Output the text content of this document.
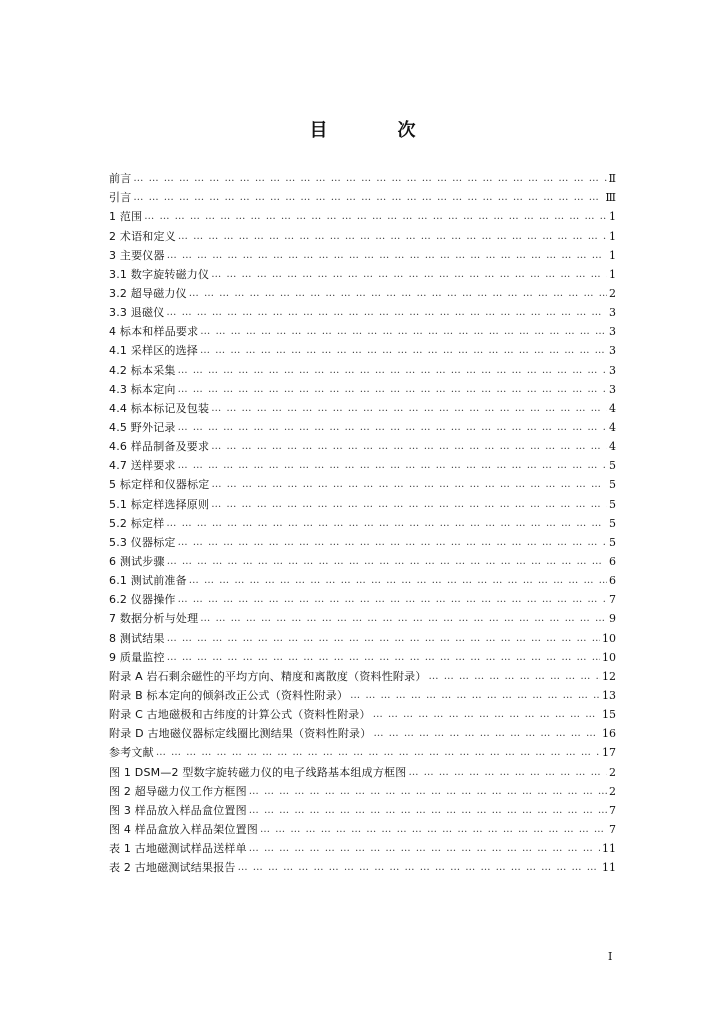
目　次
前言 … … … … … … … … … … … … … … … … … … … … … … … … … … … … … … … … … … … … … … … … … … … … … … … … … … … … … … … … … … … … … … … … … … … … … … … … … … … … …	Ⅱ
引言 … … … … … … … … … … … … … … … … … … … … … … … … … … … … … … … … … … … … … … … … … … … … … … … … … … … … … … … … … … … … … … … … … … … … … … … … … … … … …	Ⅲ
1 范围 … … … … … … … … … … … … … … … … … … … … … … … … … … … … … … … … … … … … … … … … … … … … … … … … … … … … … … … … … … … … … … … … … … … … … … … … … … … … …	1
2 术语和定义 … … … … … … … … … … … … … … … … … … … … … … … … … … … … … … … … … … … … … … … … … … … … … … … … … … … … … … … … … … … … … … … … … … … … … … … … … … … … …	1
3 主要仪器 … … … … … … … … … … … … … … … … … … … … … … … … … … … … … … … … … … … … … … … … … … … … … … … … … … … … … … … … … … … … … … … … … … … … … … … … … … … … …	1
3.1 数字旋转磁力仪 … … … … … … … … … … … … … … … … … … … … … … … … … … … … … … … … … … … … … … … … … … … … … … … … … … … … … … … … … … … … … … … … … … … … … … … … … … … … …	1
3.2 超导磁力仪 … … … … … … … … … … … … … … … … … … … … … … … … … … … … … … … … … … … … … … … … … … … … … … … … … … … … … … … … … … … … … … … … … … … … … … … … … … … … …	2
3.3 退磁仪 … … … … … … … … … … … … … … … … … … … … … … … … … … … … … … … … … … … … … … … … … … … … … … … … … … … … … … … … … … … … … … … … … … … … … … … … … … … … …	3
4 标本和样品要求 … … … … … … … … … … … … … … … … … … … … … … … … … … … … … … … … … … … … … … … … … … … … … … … … … … … … … … … … … … … … … … … … … … … … … … … … … … … … …	3
4.1 采样区的选择 … … … … … … … … … … … … … … … … … … … … … … … … … … … … … … … … … … … … … … … … … … … … … … … … … … … … … … … … … … … … … … … … … … … … … … … … … … … … …	3
4.2 标本采集 … … … … … … … … … … … … … … … … … … … … … … … … … … … … … … … … … … … … … … … … … … … … … … … … … … … … … … … … … … … … … … … … … … … … … … … … … … … … …	3
4.3 标本定向 … … … … … … … … … … … … … … … … … … … … … … … … … … … … … … … … … … … … … … … … … … … … … … … … … … … … … … … … … … … … … … … … … … … … … … … … … … … … …	3
4.4 标本标记及包装 … … … … … … … … … … … … … … … … … … … … … … … … … … … … … … … … … … … … … … … … … … … … … … … … … … … … … … … … … … … … … … … … … … … … … … … … … … … … …	4
4.5 野外记录 … … … … … … … … … … … … … … … … … … … … … … … … … … … … … … … … … … … … … … … … … … … … … … … … … … … … … … … … … … … … … … … … … … … … … … … … … … … … …	4
4.6 样品制备及要求 … … … … … … … … … … … … … … … … … … … … … … … … … … … … … … … … … … … … … … … … … … … … … … … … … … … … … … … … … … … … … … … … … … … … … … … … … … … … …	4
4.7 送样要求 … … … … … … … … … … … … … … … … … … … … … … … … … … … … … … … … … … … … … … … … … … … … … … … … … … … … … … … … … … … … … … … … … … … … … … … … … … … … …	5
5 标定样和仪器标定 … … … … … … … … … … … … … … … … … … … … … … … … … … … … … … … … … … … … … … … … … … … … … … … … … … … … … … … … … … … … … … … … … … … … … … … … … … … … …	5
5.1 标定样选择原则 … … … … … … … … … … … … … … … … … … … … … … … … … … … … … … … … … … … … … … … … … … … … … … … … … … … … … … … … … … … … … … … … … … … … … … … … … … … … …	5
5.2 标定样 … … … … … … … … … … … … … … … … … … … … … … … … … … … … … … … … … … … … … … … … … … … … … … … … … … … … … … … … … … … … … … … … … … … … … … … … … … … … …	5
5.3 仪器标定 … … … … … … … … … … … … … … … … … … … … … … … … … … … … … … … … … … … … … … … … … … … … … … … … … … … … … … … … … … … … … … … … … … … … … … … … … … … … …	5
6 测试步骤 … … … … … … … … … … … … … … … … … … … … … … … … … … … … … … … … … … … … … … … … … … … … … … … … … … … … … … … … … … … … … … … … … … … … … … … … … … … … …	6
6.1 测试前准备 … … … … … … … … … … … … … … … … … … … … … … … … … … … … … … … … … … … … … … … … … … … … … … … … … … … … … … … … … … … … … … … … … … … … … … … … … … … … …	6
6.2 仪器操作 … … … … … … … … … … … … … … … … … … … … … … … … … … … … … … … … … … … … … … … … … … … … … … … … … … … … … … … … … … … … … … … … … … … … … … … … … … … … …	7
7 数据分析与处理 … … … … … … … … … … … … … … … … … … … … … … … … … … … … … … … … … … … … … … … … … … … … … … … … … … … … … … … … … … … … … … … … … … … … … … … … … … … … …	9
8 测试结果 … … … … … … … … … … … … … … … … … … … … … … … … … … … … … … … … … … … … … … … … … … … … … … … … … … … … … … … … … … … … … … … … … … … … … … … … … … … … …	10
9 质量监控 … … … … … … … … … … … … … … … … … … … … … … … … … … … … … … … … … … … … … … … … … … … … … … … … … … … … … … … … … … … … … … … … … … … … … … … … … … … … …	10
附录 A 岩石剩余磁性的平均方向、精度和离散度（资料性附录） … … … … … … … … … … … … … … … … … … … … … … … … … … … … … … … … … … … … … … … … … … … … … … … … … … … … … … … … … … … … … … … … … … … … … … … … … … … … …	12
附录 B 标本定向的倾斜改正公式（资料性附录） … … … … … … … … … … … … … … … … … … … … … … … … … … … … … … … … … … … … … … … … … … … … … … … … … … … … … … … … … … … … … … … … … … … … … … … … … … … … …	13
附录 C 古地磁极和古纬度的计算公式（资料性附录） … … … … … … … … … … … … … … … … … … … … … … … … … … … … … … … … … … … … … … … … … … … … … … … … … … … … … … … … … … … … … … … … … … … … … … … … … … … … …	15
附录 D 古地磁仪器标定线圈比测结果（资料性附录） … … … … … … … … … … … … … … … … … … … … … … … … … … … … … … … … … … … … … … … … … … … … … … … … … … … … … … … … … … … … … … … … … … … … … … … … … … … … …	16
参考文献 … … … … … … … … … … … … … … … … … … … … … … … … … … … … … … … … … … … … … … … … … … … … … … … … … … … … … … … … … … … … … … … … … … … … … … … … … … … … …	17
图 1 DSM—2 型数字旋转磁力仪的电子线路基本组成方框图 … … … … … … … … … … … … … … … … … … … … … … … … … … … … … … … … … … … … … … … … … … … … … … … … … … … … … … … … … … … … … … … … … … … … … … … … … … … … …	2
图 2 超导磁力仪工作方框图 … … … … … … … … … … … … … … … … … … … … … … … … … … … … … … … … … … … … … … … … … … … … … … … … … … … … … … … … … … … … … … … … … … … … … … … … … … … … …	2
图 3 样品放入样品盒位置图 … … … … … … … … … … … … … … … … … … … … … … … … … … … … … … … … … … … … … … … … … … … … … … … … … … … … … … … … … … … … … … … … … … … … … … … … … … … … …	7
图 4 样品盒放入样品架位置图 … … … … … … … … … … … … … … … … … … … … … … … … … … … … … … … … … … … … … … … … … … … … … … … … … … … … … … … … … … … … … … … … … … … … … … … … … … … … …	7
表 1 古地磁测试样品送样单 … … … … … … … … … … … … … … … … … … … … … … … … … … … … … … … … … … … … … … … … … … … … … … … … … … … … … … … … … … … … … … … … … … … … … … … … … … … … …	11
表 2 古地磁测试结果报告 … … … … … … … … … … … … … … … … … … … … … … … … … … … … … … … … … … … … … … … … … … … … … … … … … … … … … … … … … … … … … … … … … … … … … … … … … … … … …	11
I
